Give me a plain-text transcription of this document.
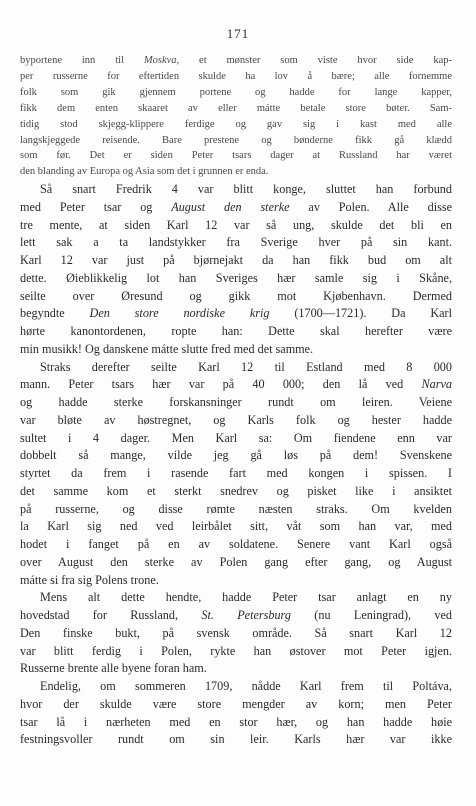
171
byportene inn til Moskva, et mønster som viste hvor side kap-
per russerne for eftertiden skulde ha lov å bære; alle fornemme
folk som gik gjennem portene og hadde for lange kapper,
fikk dem enten skaaret av eller mátte betale store bøter. Sam-
tidig stod skjegg-klippere ferdige og gav sig i kast med alle
langskjeggede reisende. Bare prestene og bønderne fikk gå klædd
som før. Det er siden Peter tsars dager at Russland har været
den blanding av Europa og Asia som det i grunnen er enda.
Så snart Fredrik 4 var blitt konge, sluttet han forbund
med Peter tsar og August den sterke av Polen. Alle disse
tre mente, at siden Karl 12 var så ung, skulde det bli en
lett sak a ta landstykker fra Sverige hver på sin kant.
Karl 12 var just på bjørnejakt da han fikk bud om alt
dette. Øieblikkelig lot han Sveriges hær samle sig i Skåne,
seilte over Øresund og gikk mot Kjøbenhavn. Dermed
begyndte Den store nordiske krig (1700—1721). Da Karl
hørte kanontordenen, ropte han: Dette skal herefter være
min musikk! Og danskene mátte slutte fred med det samme.
Straks derefter seilte Karl 12 til Estland med 8 000
mann. Peter tsars hær var på 40 000; den lå ved Narva
og hadde sterke forskansninger rundt om leiren. Veiene
var bløte av høstregnet, og Karls folk og hester hadde
sultet i 4 dager. Men Karl sa: Om fiendene enn var
dobbelt så mange, vilde jeg gå løs på dem! Svenskene
styrtet da frem i rasende fart med kongen i spissen. I
det samme kom et sterkt snedrev og pisket like i ansiktet
på russerne, og disse rømte næsten straks. Om kvelden
la Karl sig ned ved leirbålet sitt, våt som han var, med
hodet i fanget på en av soldatene. Senere vant Karl også
over August den sterke av Polen gang efter gang, og August
mátte si fra sig Polens trone.
Mens alt dette hendte, hadde Peter tsar anlagt en ny
hovedstad for Russland, St. Petersburg (nu Leningrad), ved
Den finske bukt, på svensk område. Så snart Karl 12
var blitt ferdig i Polen, rykte han østover mot Peter igjen.
Russerne brente alle byene foran ham.
Endelig, om sommeren 1709, nådde Karl frem til Poltáva,
hvor der skulde være store mengder av korn; men Peter
tsar lå i nærheten med en stor hær, og han hadde høie
festningsvoller rundt om sin leir. Karls hær var ikke
